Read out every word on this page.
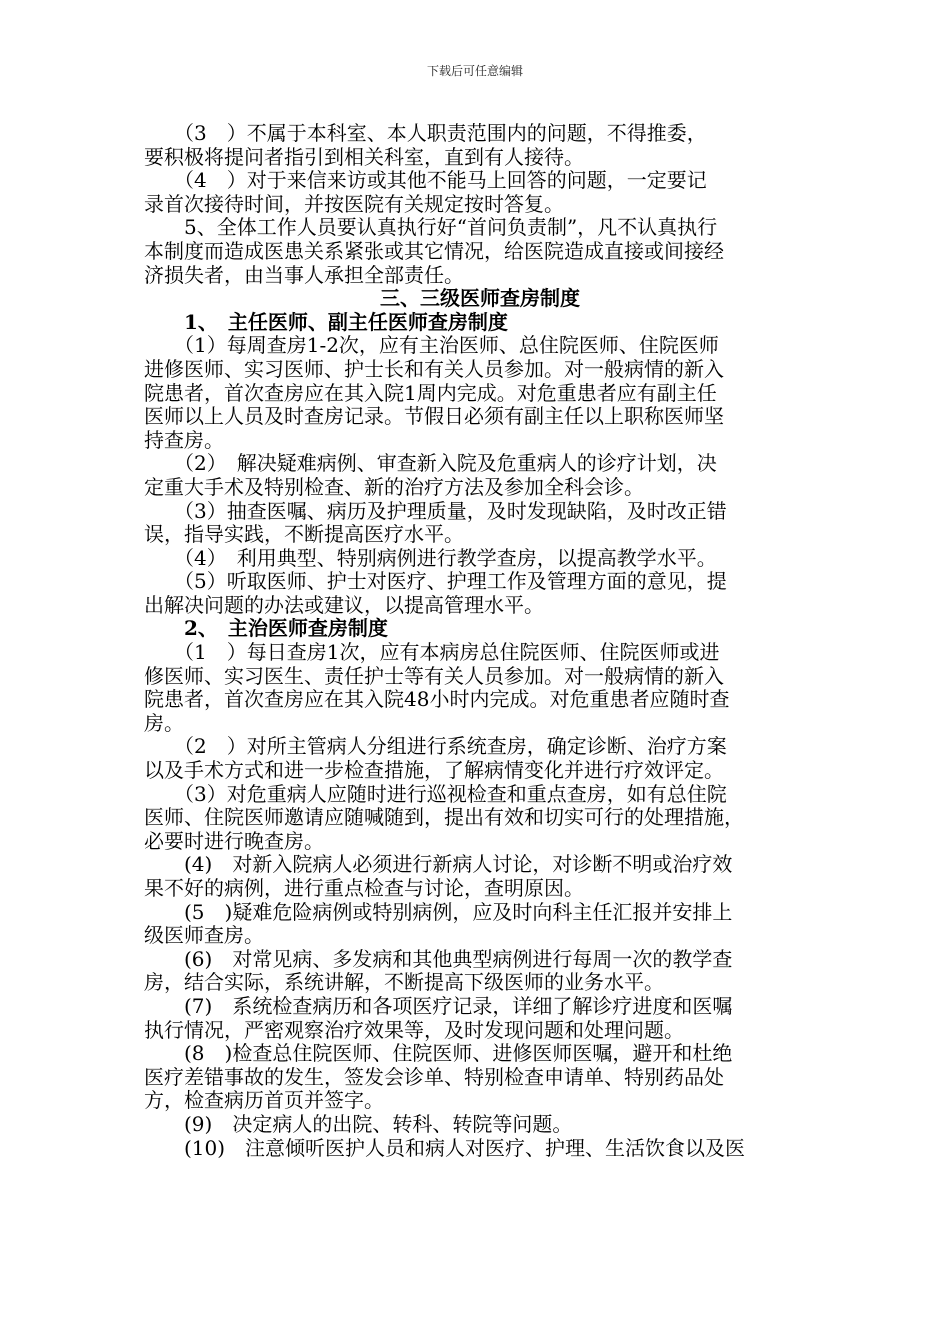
下载后可任意编辑

　　（3　）不属于本科室、本人职责范围内的问题，不得推委，

要积极将提问者指引到相关科室，直到有人接待。

　　（4　）对于来信来访或其他不能马上回答的问题，一定要记

录首次接待时间，并按医院有关规定按时答复。

　　5、全体工作人员要认真执行好“首问负责制”，凡不认真执行

本制度而造成医患关系紧张或其它情况，给医院造成直接或间接经

济损失者，由当事人承担全部责任。

三、三级医师查房制度

　　1、　主任医师、副主任医师查房制度

　　（1）每周查房1-2次，应有主治医师、总住院医师、住院医师

进修医师、实习医师、护士长和有关人员参加。对一般病情的新入

院患者，首次查房应在其入院1周内完成。对危重患者应有副主任

医师以上人员及时查房记录。节假日必须有副主任以上职称医师坚

持查房。

　　（2）　解决疑难病例、审查新入院及危重病人的诊疗计划，决

定重大手术及特别检查、新的治疗方法及参加全科会诊。

　　（3）抽查医嘱、病历及护理质量，及时发现缺陷，及时改正错

误，指导实践，不断提高医疗水平。

　　（4）　利用典型、特别病例进行教学查房，以提高教学水平。

　　（5）听取医师、护士对医疗、护理工作及管理方面的意见，提

出解决问题的办法或建议，以提高管理水平。

　　2、　主治医师查房制度

　　（1　）每日查房1次，应有本病房总住院医师、住院医师或进

修医师、实习医生、责任护士等有关人员参加。对一般病情的新入

院患者，首次查房应在其入院48小时内完成。对危重患者应随时查

房。

　　（2　）对所主管病人分组进行系统查房，确定诊断、治疗方案

以及手术方式和进一步检查措施，了解病情变化并进行疗效评定。

　　（3）对危重病人应随时进行巡视检查和重点查房，如有总住院

医师、住院医师邀请应随喊随到，提出有效和切实可行的处理措施，

必要时进行晚查房。

　　(4)　对新入院病人必须进行新病人讨论，对诊断不明或治疗效

果不好的病例，进行重点检查与讨论，查明原因。

　　(5　)疑难危险病例或特别病例，应及时向科主任汇报并安排上

级医师查房。

　　(6)　对常见病、多发病和其他典型病例进行每周一次的教学查

房，结合实际，系统讲解，不断提高下级医师的业务水平。

　　(7)　系统检查病历和各项医疗记录，详细了解诊疗进度和医嘱

执行情况，严密观察治疗效果等，及时发现问题和处理问题。

　　(8　)检查总住院医师、住院医师、进修医师医嘱，避开和杜绝

医疗差错事故的发生，签发会诊单、特别检查申请单、特别药品处

方，检查病历首页并签字。

　　(9)　决定病人的出院、转科、转院等问题。

　　(10)　注意倾听医护人员和病人对医疗、护理、生活饮食以及医
